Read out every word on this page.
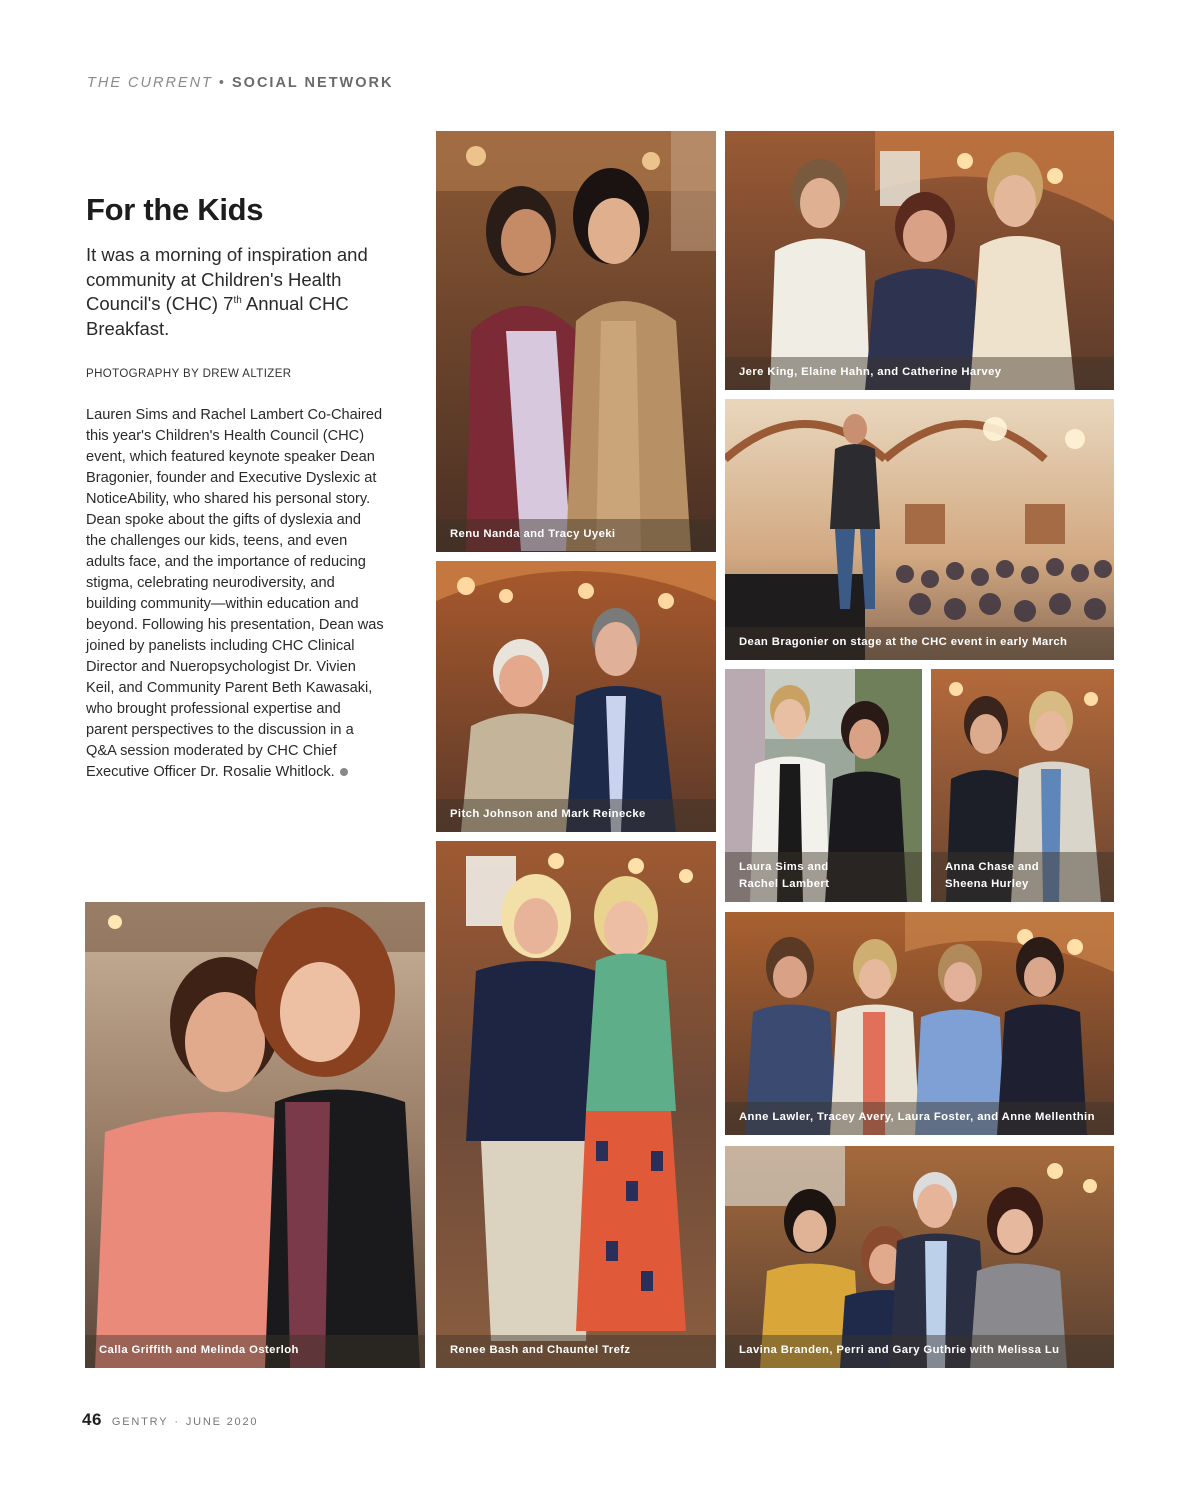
THE CURRENT • SOCIAL NETWORK
For the Kids

It was a morning of inspiration and community at Children's Health Council's (CHC) 7th Annual CHC Breakfast.

PHOTOGRAPHY BY DREW ALTIZER

Lauren Sims and Rachel Lambert Co-Chaired this year's Children's Health Council (CHC) event, which featured keynote speaker Dean Bragonier, founder and Executive Dyslexic at NoticeAbility, who shared his personal story. Dean spoke about the gifts of dyslexia and the challenges our kids, teens, and even adults face, and the importance of reducing stigma, celebrating neurodiversity, and building community—within education and beyond. Following his presentation, Dean was joined by panelists including CHC Clinical Director and Nueropsychologist Dr. Vivien Keil, and Community Parent Beth Kawasaki, who brought professional expertise and parent perspectives to the discussion in a Q&A session moderated by CHC Chief Executive Officer Dr. Rosalie Whitlock.

Renu Nanda and Tracy Uyeki
Jere King, Elaine Hahn, and Catherine Harvey
Dean Bragonier on stage at the CHC event in early March
Pitch Johnson and Mark Reinecke
Laura Sims and
Rachel Lambert
Anna Chase and
Sheena Hurley
Anne Lawler, Tracey Avery, Laura Foster, and Anne Mellenthin
Calla Griffith and Melinda Osterloh	Renee Bash and Chauntel Trefz	Lavina Branden, Perri and Gary Guthrie with Melissa Lu
46 GENTRY · JUNE 2020
